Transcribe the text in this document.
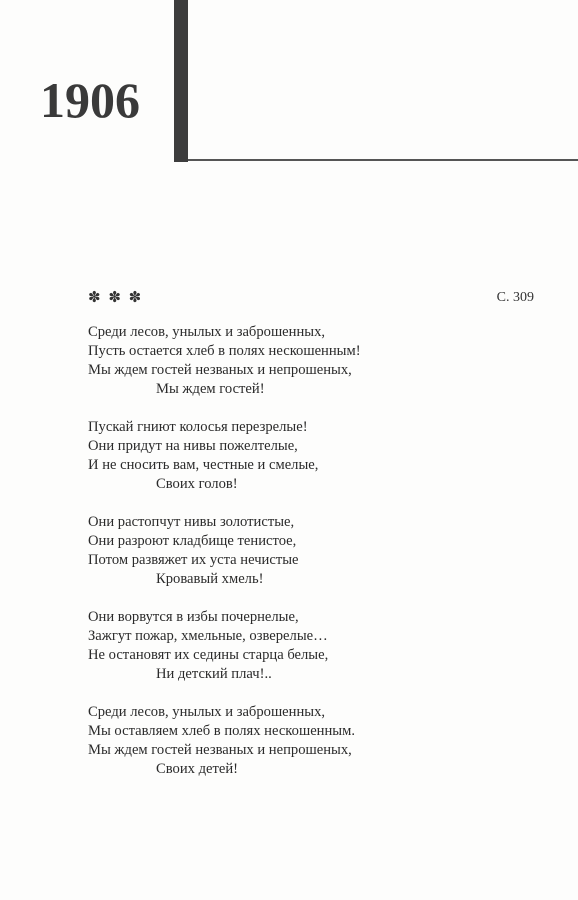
1906
✽ ✽ ✽	С. 309
Среди лесов, унылых и заброшенных,
Пусть остается хлеб в полях нескошенным!
Мы ждем гостей незваных и непрошеных,
Мы ждем гостей!
Пускай гниют колосья перезрелые!
Они придут на нивы пожелтелые,
И не сносить вам, честные и смелые,
Своих голов!
Они растопчут нивы золотистые,
Они разроют кладбище тенистое,
Потом развяжет их уста нечистые
Кровавый хмель!
Они ворвутся в избы почернелые,
Зажгут пожар, хмельные, озверелые…
Не остановят их седины старца белые,
Ни детский плач!..
Среди лесов, унылых и заброшенных,
Мы оставляем хлеб в полях нескошенным.
Мы ждем гостей незваных и непрошеных,
Своих детей!
